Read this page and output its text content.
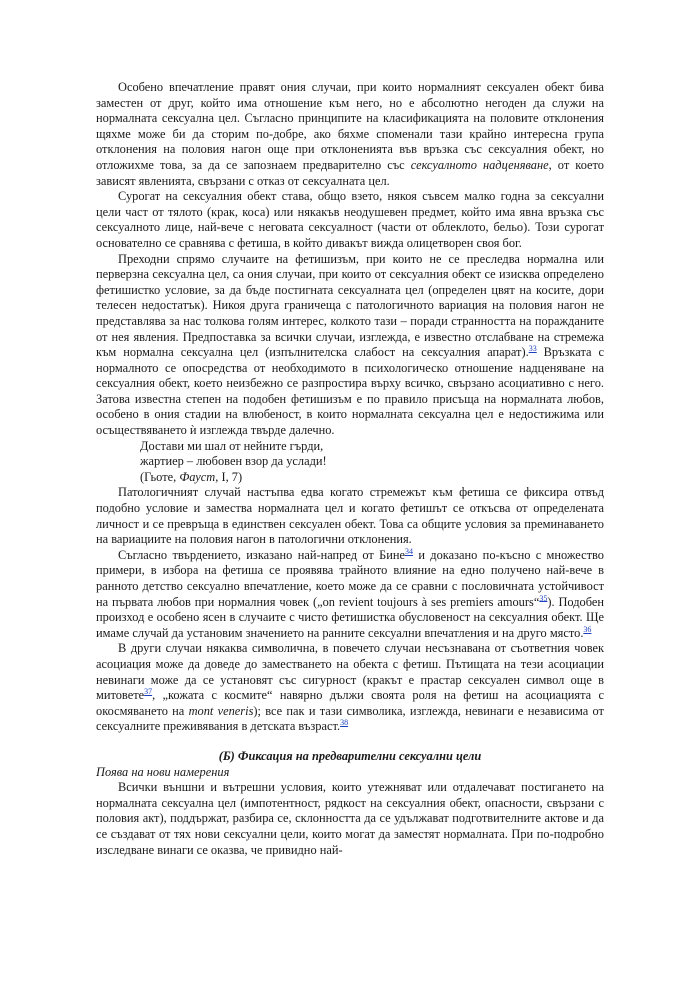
Особено впечатление правят ония случаи, при които нормалният сексуален обект бива заместен от друг, който има отношение към него, но е абсолютно негоден да служи на нормалната сексуална цел. Съгласно принципите на класификацията на половите отклонения щяхме може би да сторим по-добре, ако бяхме споменали тази крайно интересна група отклонения на половия нагон още при отклоненията във връзка със сексуалния обект, но отложихме това, за да се запознаем предварително със сексуалното надценяване, от което зависят явленията, свързани с отказ от сексуалната цел.

Сурогат на сексуалния обект става, общо взето, някоя съвсем малко годна за сексуални цели част от тялото (крак, коса) или някакъв неодушевен предмет, който има явна връзка със сексуалното лице, най-вече с неговата сексуалност (части от облеклото, бельо). Този сурогат основателно се сравнява с фетиша, в който дивакът вижда олицетворен своя бог.

Преходни спрямо случаите на фетишизъм, при които не се преследва нормална или перверзна сексуална цел, са ония случаи, при които от сексуалния обект се изисква определено фетишистко условие, за да бъде постигната сексуалната цел (определен цвят на косите, дори телесен недостатък). Никоя друга граничеща с патологичното вариация на половия нагон не представлява за нас толкова голям интерес, колкото тази – поради странността на поражданите от нея явления. Предпоставка за всички случаи, изглежда, е известно отслабване на стремежа към нормална сексуална цел (изпълнителска слабост на сексуалния апарат).$^{33}$ Връзката с нормалното се опосредства от необходимото в психологическо отношение надценяване на сексуалния обект, което неизбежно се разпростира върху всичко, свързано асоциативно с него. Затова известна степен на подобен фетишизъм е по правило присъща на нормалната любов, особено в ония стадии на влюбеност, в които нормалната сексуална цел е недостижима или осъществяването ѝ изглежда твърде далечно.

Достави ми шал от нейните гърди,
жартиер – любовен взор да услади!
(Гьоте, Фауст, I, 7)

Патологичният случай настъпва едва когато стремежът към фетиша се фиксира отвъд подобно условие и замества нормалната цел и когато фетишът се откъсва от определената личност и се превръща в единствен сексуален обект. Това са общите условия за преминаването на вариациите на половия нагон в патологични отклонения.

Съгласно твърдението, изказано най-напред от Бине$^{34}$ и доказано по-късно с множество примери, в избора на фетиша се проявява трайното влияние на едно получено най-вече в ранното детство сексуално впечатление, което може да се сравни с пословичната устойчивост на първата любов при нормалния човек („on revient toujours à ses premiers amours“$^{35}$). Подобен произход е особено ясен в случаите с чисто фетишистка обусловеност на сексуалния обект. Ще имаме случай да установим значението на ранните сексуални впечатления и на друго място.$^{36}$

В други случаи някаква символична, в повечето случаи несъзнавана от съответния човек асоциация може да доведе до заместването на обекта с фетиш. Пътищата на тези асоциации невинаги може да се установят със сигурност (кракът е прастар сексуален символ още в митовете$^{37}$, „кожата с космите“ навярно дължи своята роля на фетиш на асоциацията с окосмяването на mont veneris); все пак и тази символика, изглежда, невинаги е независима от сексуалните преживявания в детската възраст.$^{38}$

(Б) Фиксация на предварителни сексуални цели

Поява на нови намерения

Всички външни и вътрешни условия, които утежняват или отдалечават постигането на нормалната сексуална цел (импотентност, рядкост на сексуалния обект, опасности, свързани с половия акт), поддържат, разбира се, склонността да се удължават подготвителните актове и да се създават от тях нови сексуални цели, които могат да заместят нормалната. При по-подробно изследване винаги се оказва, че привидно най-
